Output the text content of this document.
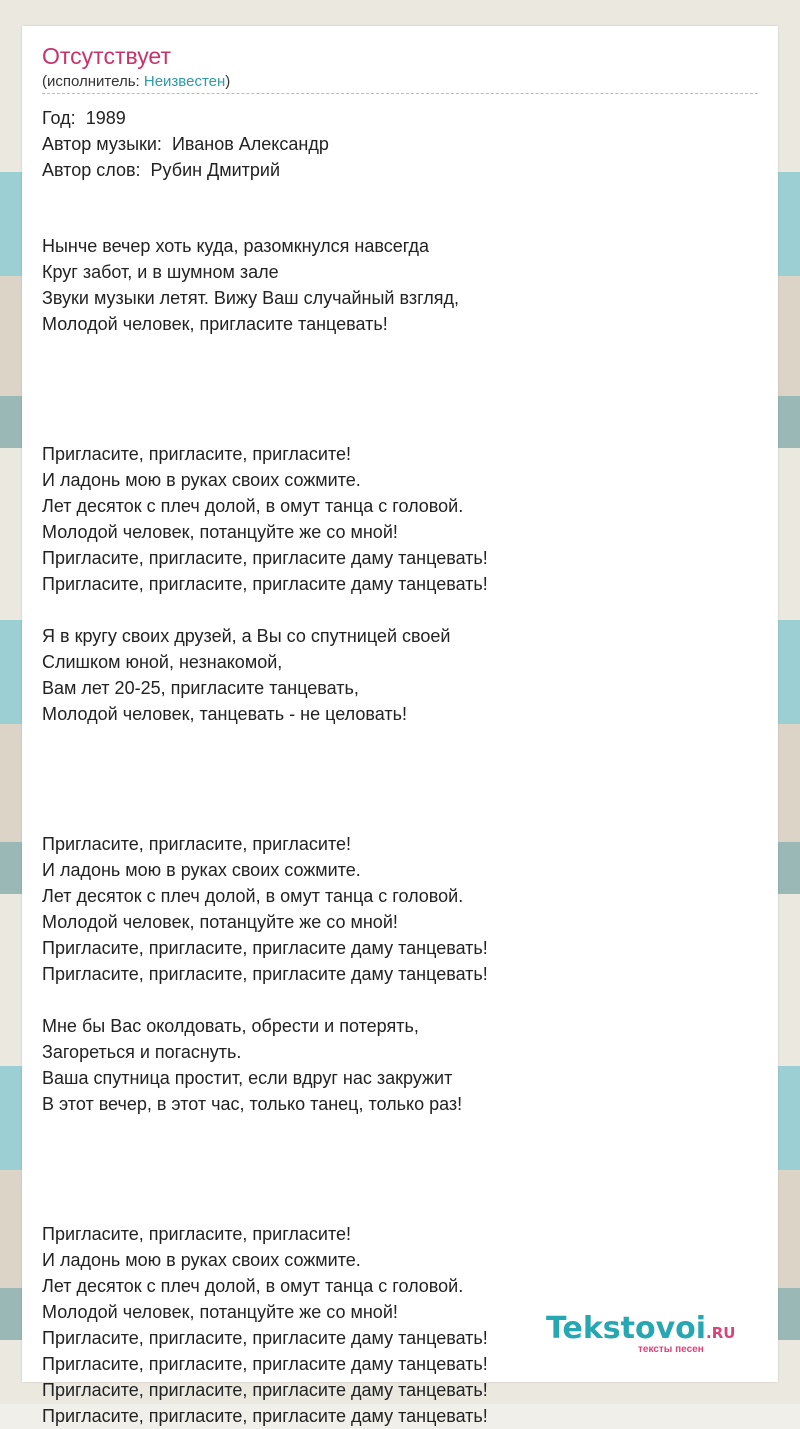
Отсутствует
(исполнитель: Неизвестен)
Год: 1989
Автор музыки: Иванов Александр
Автор слов: Рубин Дмитрий
Нынче вечер хоть куда, разомкнулся навсегда
Круг забот, и в шумном зале
Звуки музыки летят. Вижу Ваш случайный взгляд,
Молодой человек, пригласите танцевать!
Пригласите, пригласите, пригласите!
И ладонь мою в руках своих сожмите.
Лет десяток с плеч долой, в омут танца с головой.
Молодой человек, потанцуйте же со мной!
Пригласите, пригласите, пригласите даму танцевать!
Пригласите, пригласите, пригласите даму танцевать!
Я в кругу своих друзей, а Вы со спутницей своей
Слишком юной, незнакомой,
Вам лет 20-25, пригласите танцевать,
Молодой человек, танцевать - не целовать!
Пригласите, пригласите, пригласите!
И ладонь мою в руках своих сожмите.
Лет десяток с плеч долой, в омут танца с головой.
Молодой человек, потанцуйте же со мной!
Пригласите, пригласите, пригласите даму танцевать!
Пригласите, пригласите, пригласите даму танцевать!
Мне бы Вас околдовать, обрести и потерять,
Загореться и погаснуть.
Ваша спутница простит, если вдруг нас закружит
В этот вечер, в этот час, только танец, только раз!
Пригласите, пригласите, пригласите!
И ладонь мою в руках своих сожмите.
Лет десяток с плеч долой, в омут танца с головой.
Молодой человек, потанцуйте же со мной!
Пригласите, пригласите, пригласите даму танцевать!
Пригласите, пригласите, пригласите даму танцевать!
Пригласите, пригласите, пригласите даму танцевать!
Пригласите, пригласите, пригласите даму танцевать!
Tekstovoi.RU
тексты песен
